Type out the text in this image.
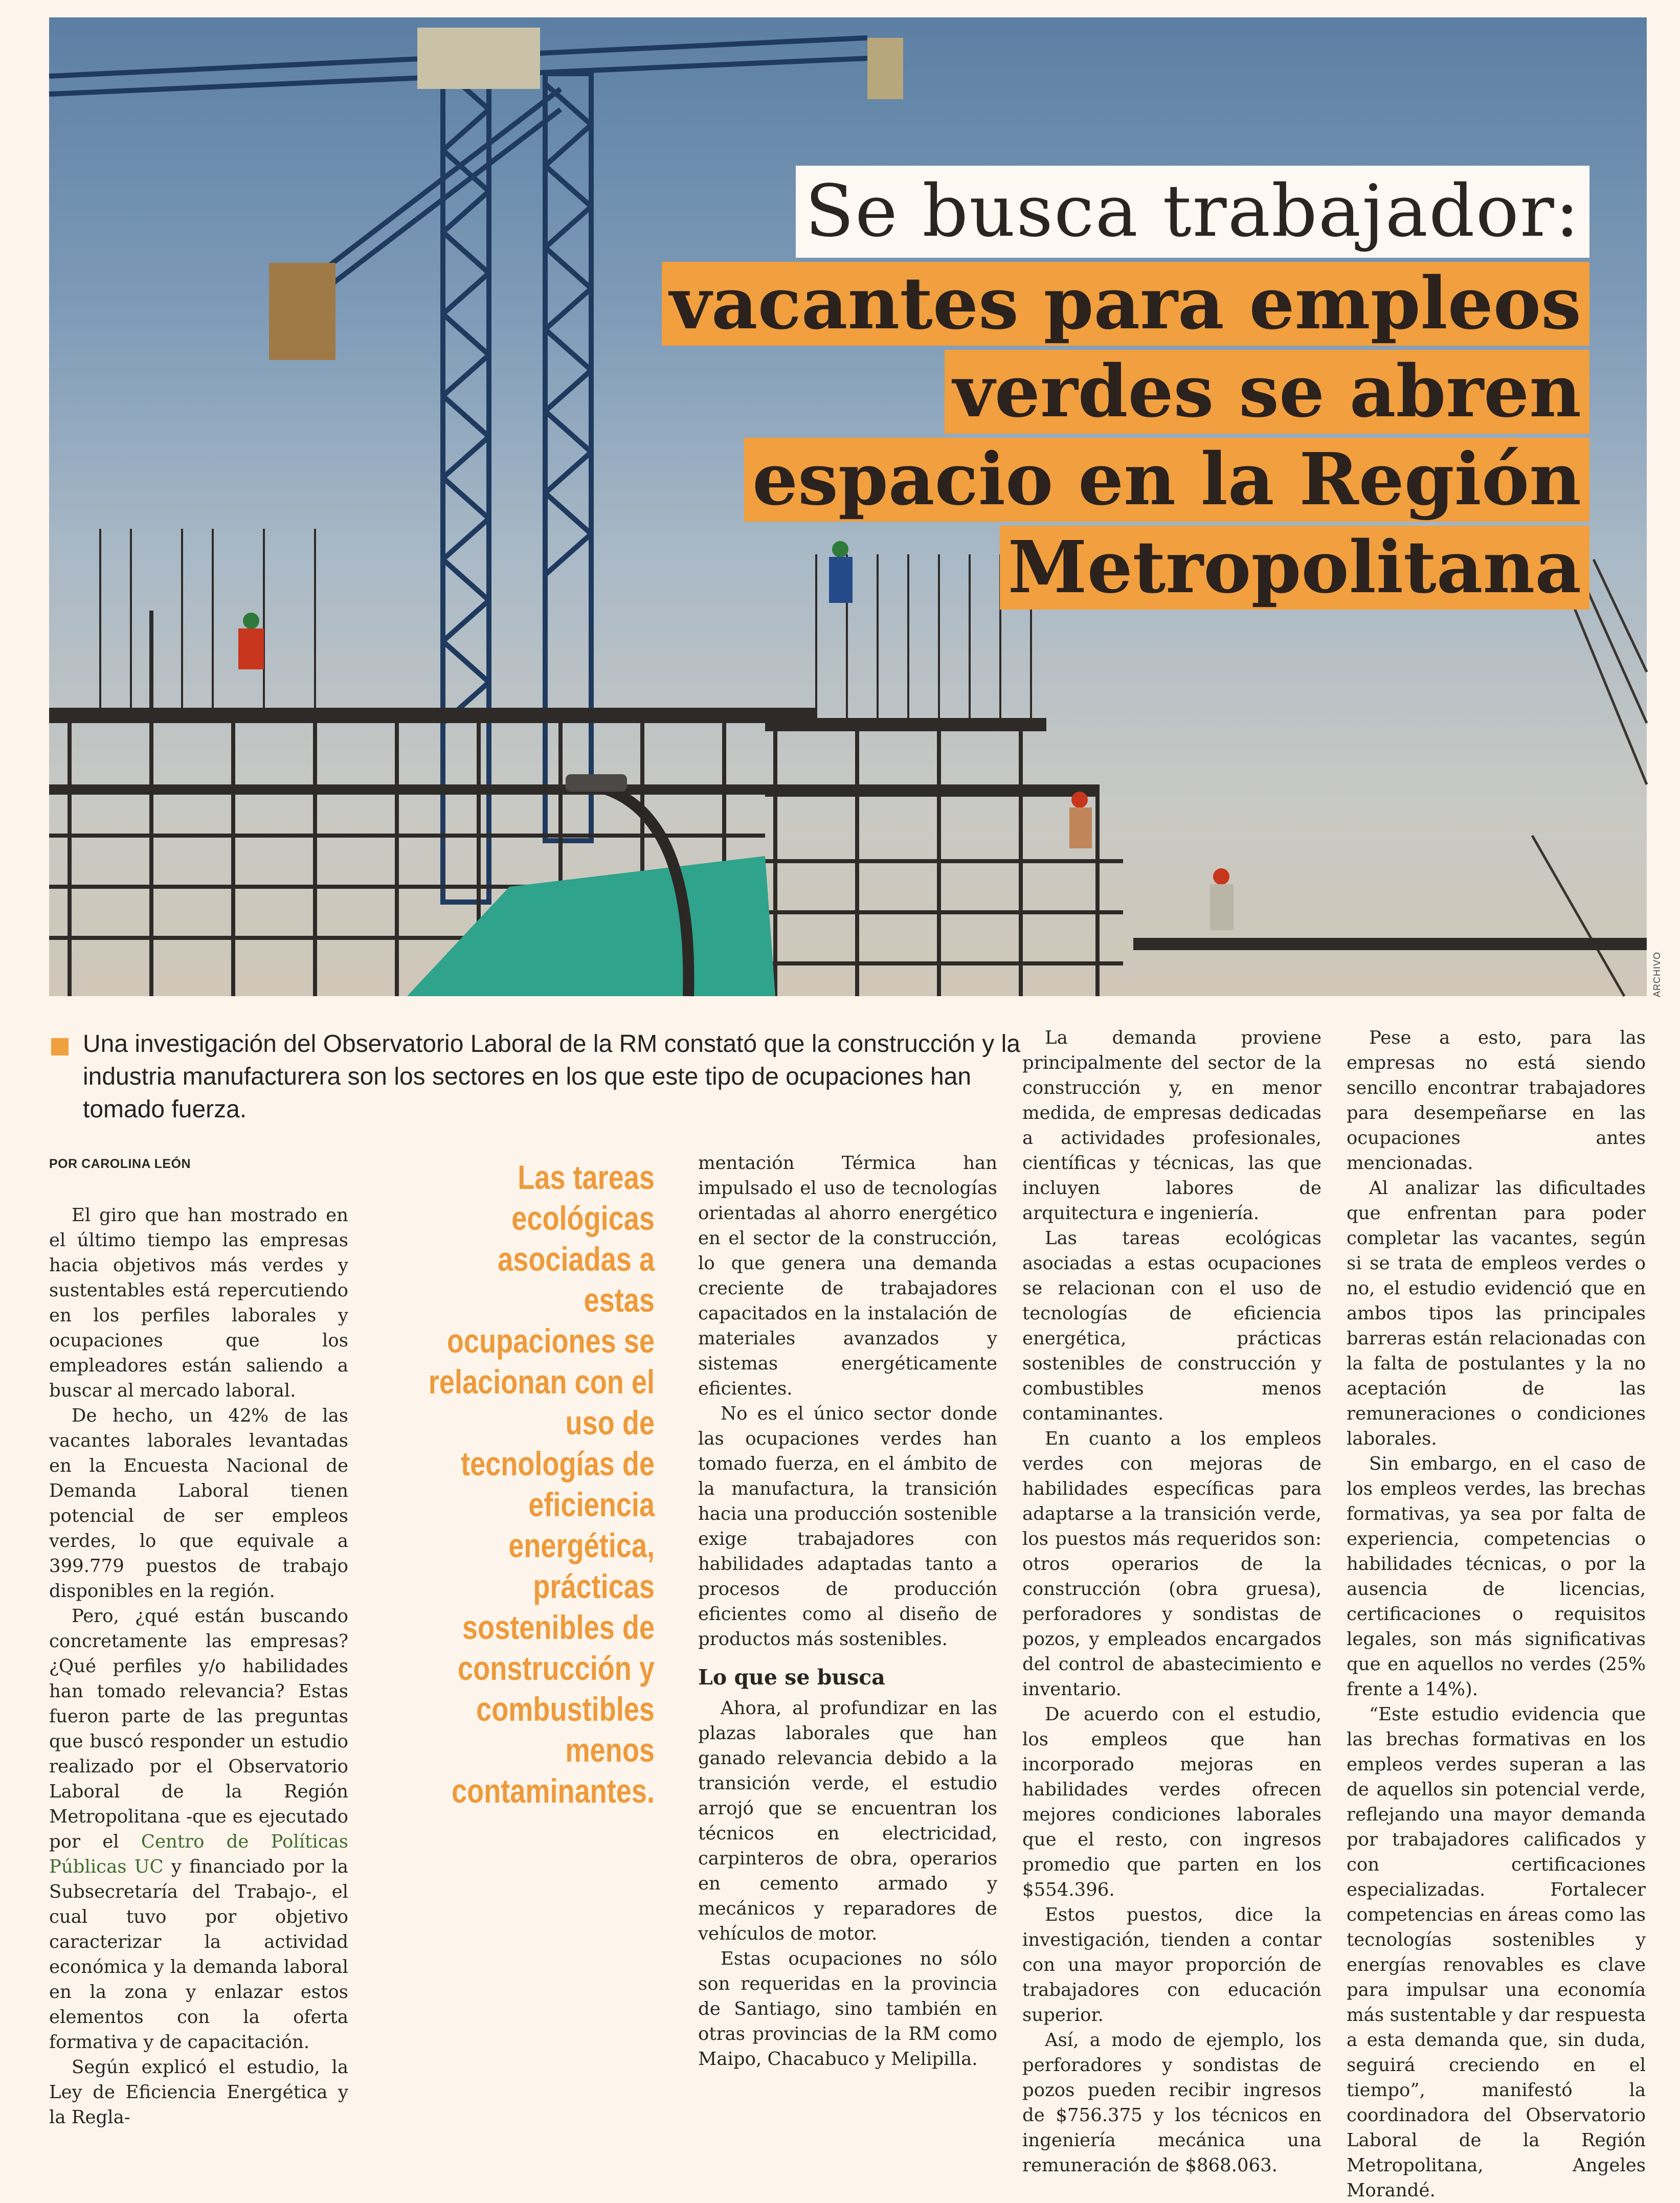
Se busca trabajador:
vacantes para empleos
verdes se abren
espacio en la Región
Metropolitana
ARCHIVO
Una investigación del Observatorio Laboral de la RM constató que la construcción y la industria manufacturera son los sectores en los que este tipo de ocupaciones han tomado fuerza.
POR CAROLINA LEÓN

El giro que han mostrado en el último tiempo las empresas hacia objetivos más verdes y sustentables está repercutiendo en los perfiles laborales y ocupaciones que los empleadores están saliendo a buscar al mercado laboral.

De hecho, un 42% de las vacantes laborales levantadas en la Encuesta Nacional de Demanda Laboral tienen potencial de ser empleos verdes, lo que equivale a 399.779 puestos de trabajo disponibles en la región.

Pero, ¿qué están buscando concretamente las empresas? ¿Qué perfiles y/o habilidades han tomado relevancia? Estas fueron parte de las preguntas que buscó responder un estudio realizado por el Observatorio Laboral de la Región Metropolitana -que es ejecutado por el Centro de Políticas Públicas UC y financiado por la Subsecretaría del Trabajo-, el cual tuvo por objetivo caracterizar la actividad económica y la demanda laboral en la zona y enlazar estos elementos con la oferta formativa y de capacitación.

Según explicó el estudio, la Ley de Eficiencia Energética y la Regla-

Las tareas ecológicas asociadas a estas ocupaciones se relacionan con el uso de tecnologías de eficiencia energética, prácticas sostenibles de construcción y combustibles menos contaminantes.

mentación Térmica han impulsado el uso de tecnologías orientadas al ahorro energético en el sector de la construcción, lo que genera una demanda creciente de trabajadores capacitados en la instalación de materiales avanzados y sistemas energéticamente eficientes.

No es el único sector donde las ocupaciones verdes han tomado fuerza, en el ámbito de la manufactura, la transición hacia una producción sostenible exige trabajadores con habilidades adaptadas tanto a procesos de producción eficientes como al diseño de productos más sostenibles.

Lo que se busca

Ahora, al profundizar en las plazas laborales que han ganado relevancia debido a la transición verde, el estudio arrojó que se encuentran los técnicos en electricidad, carpinteros de obra, operarios en cemento armado y mecánicos y reparadores de vehículos de motor.

Estas ocupaciones no sólo son requeridas en la provincia de Santiago, sino también en otras provincias de la RM como Maipo, Chacabuco y Melipilla.

La demanda proviene principalmente del sector de la construcción y, en menor medida, de empresas dedicadas a actividades profesionales, científicas y técnicas, las que incluyen labores de arquitectura e ingeniería.

Las tareas ecológicas asociadas a estas ocupaciones se relacionan con el uso de tecnologías de eficiencia energética, prácticas sostenibles de construcción y combustibles menos contaminantes.

En cuanto a los empleos verdes con mejoras de habilidades específicas para adaptarse a la transición verde, los puestos más requeridos son: otros operarios de la construcción (obra gruesa), perforadores y sondistas de pozos, y empleados encargados del control de abastecimiento e inventario.

De acuerdo con el estudio, los empleos que han incorporado mejoras en habilidades verdes ofrecen mejores condiciones laborales que el resto, con ingresos promedio que parten en los $554.396.

Estos puestos, dice la investigación, tienden a contar con una mayor proporción de trabajadores con educación superior.

Así, a modo de ejemplo, los perforadores y sondistas de pozos pueden recibir ingresos de $756.375 y los técnicos en ingeniería mecánica una remuneración de $868.063.

Pese a esto, para las empresas no está siendo sencillo encontrar trabajadores para desempeñarse en las ocupaciones antes mencionadas.

Al analizar las dificultades que enfrentan para poder completar las vacantes, según si se trata de empleos verdes o no, el estudio evidenció que en ambos tipos las principales barreras están relacionadas con la falta de postulantes y la no aceptación de las remuneraciones o condiciones laborales.

Sin embargo, en el caso de los empleos verdes, las brechas formativas, ya sea por falta de experiencia, competencias o habilidades técnicas, o por la ausencia de licencias, certificaciones o requisitos legales, son más significativas que en aquellos no verdes (25% frente a 14%).

“Este estudio evidencia que las brechas formativas en los empleos verdes superan a las de aquellos sin potencial verde, reflejando una mayor demanda por trabajadores calificados y con certificaciones especializadas. Fortalecer competencias en áreas como las tecnologías sostenibles y energías renovables es clave para impulsar una economía más sustentable y dar respuesta a esta demanda que, sin duda, seguirá creciendo en el tiempo”, manifestó la coordinadora del Observatorio Laboral de la Región Metropolitana, Angeles Morandé.
